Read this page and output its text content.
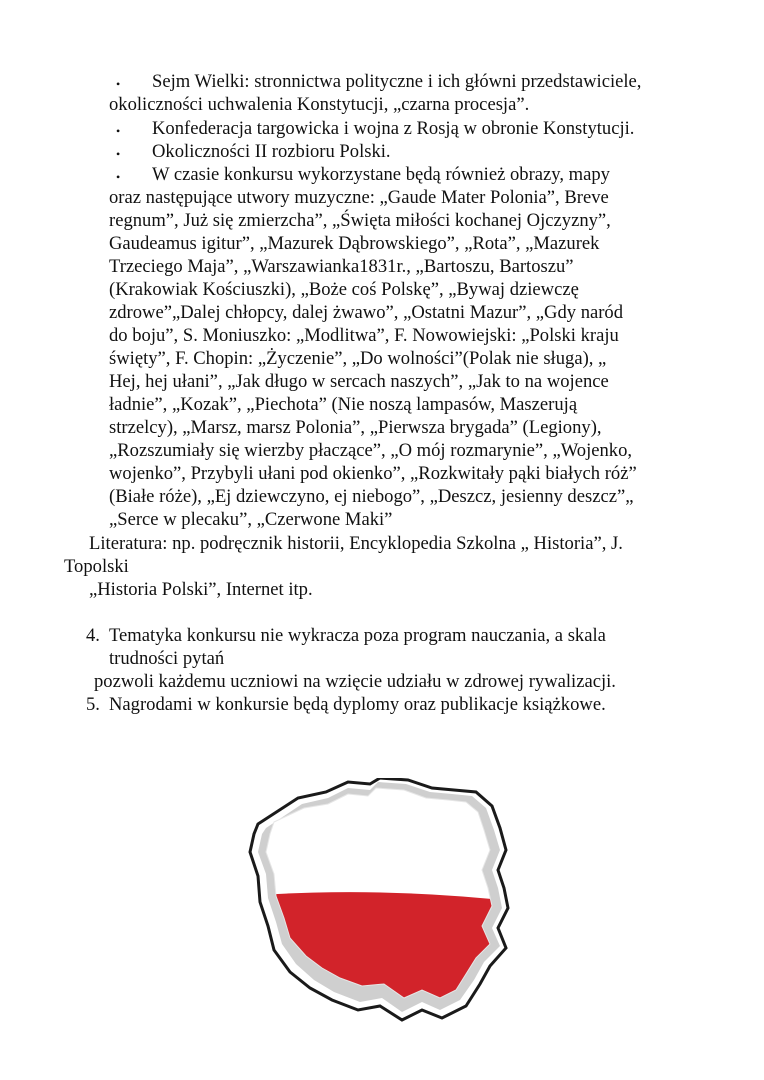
• Sejm Wielki: stronnictwa polityczne i ich główni przedstawiciele,
okoliczności uchwalenia Konstytucji, „czarna procesja”.
• Konfederacja targowicka i wojna z Rosją w obronie Konstytucji.
• Okoliczności II rozbioru Polski.
• W czasie konkursu wykorzystane będą również obrazy, mapy
oraz następujące utwory muzyczne: „Gaude Mater Polonia”, Breve
regnum”, Już się zmierzcha”, „Święta miłości kochanej Ojczyzny”,
Gaudeamus igitur”, „Mazurek Dąbrowskiego”, „Rota”, „Mazurek
Trzeciego Maja”, „Warszawianka1831r., „Bartoszu, Bartoszu”
(Krakowiak Kościuszki), „Boże coś Polskę”, „Bywaj dziewczę
zdrowe”„Dalej chłopcy, dalej żwawo”, „Ostatni Mazur”, „Gdy naród
do boju”, S. Moniuszko: „Modlitwa”, F. Nowowiejski: „Polski kraju
święty”, F. Chopin: „Życzenie”, „Do wolności”(Polak nie sługa), „
Hej, hej ułani”, „Jak długo w sercach naszych”, „Jak to na wojence
ładnie”, „Kozak”, „Piechota” (Nie noszą lampasów, Maszerują
strzelcy), „Marsz, marsz Polonia”, „Pierwsza brygada” (Legiony),
„Rozszumiały się wierzby płaczące”, „O mój rozmarynie”, „Wojenko,
wojenko”, Przybyli ułani pod okienko”, „Rozkwitały pąki białych róż”
(Białe róże), „Ej dziewczyno, ej niebogo”, „Deszcz, jesienny deszcz”„
„Serce w plecaku”, „Czerwone Maki”
Literatura: np. podręcznik historii, Encyklopedia Szkolna „ Historia”, J.
Topolski
„Historia Polski”, Internet itp.
4. Tematyka konkursu nie wykracza poza program nauczania, a skala
trudności pytań
pozwoli każdemu uczniowi na wzięcie udziału w zdrowej rywalizacji.
5. Nagrodami w konkursie będą dyplomy oraz publikacje książkowe.
